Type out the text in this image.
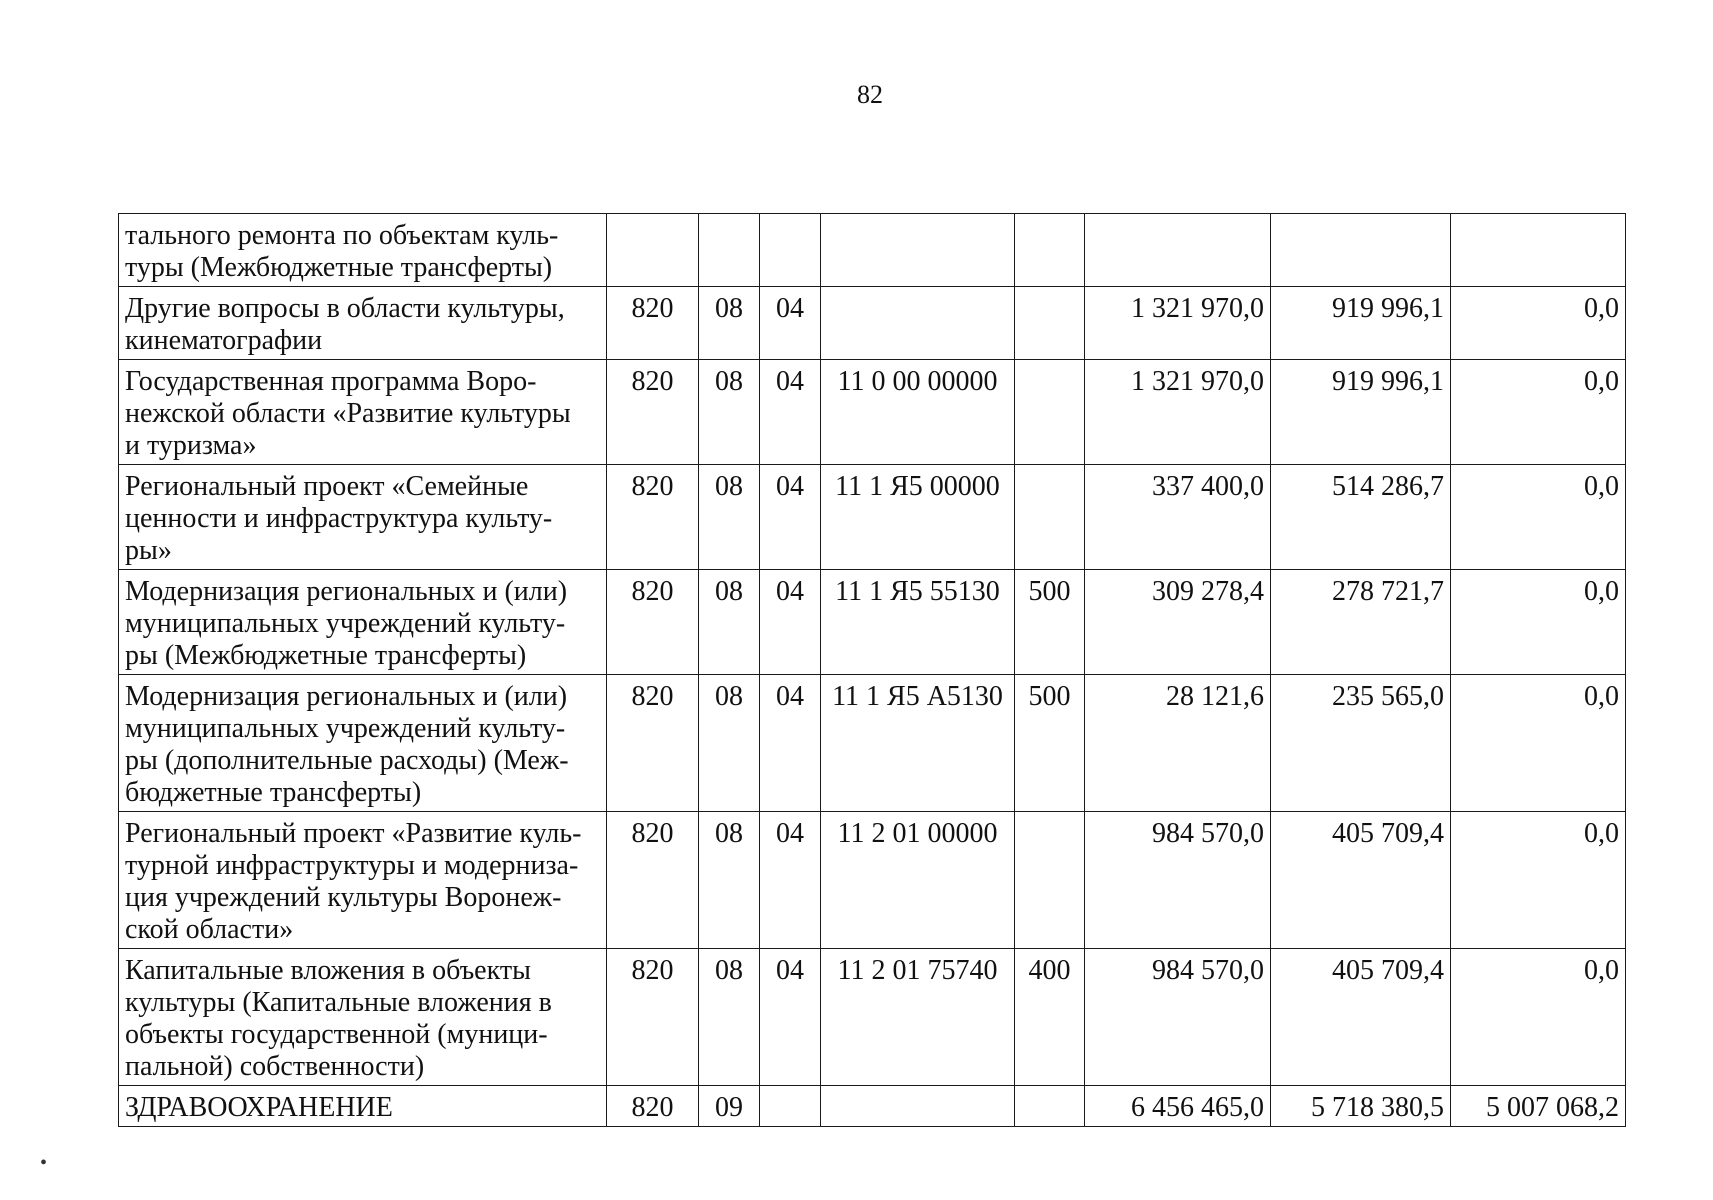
82
тального ремонта по объектам куль-
туры (Межбюджетные трансферты)								
Другие вопросы в области культуры,
кинематографии	820	08	04			1 321 970,0	919 996,1	0,0
Государственная программа Воро-
нежской области «Развитие культуры
и туризма»	820	08	04	11 0 00 00000		1 321 970,0	919 996,1	0,0
Региональный проект «Семейные
ценности и инфраструктура культу-
ры»	820	08	04	11 1 Я5 00000		337 400,0	514 286,7	0,0
Модернизация региональных и (или)
муниципальных учреждений культу-
ры (Межбюджетные трансферты)	820	08	04	11 1 Я5 55130	500	309 278,4	278 721,7	0,0
Модернизация региональных и (или)
муниципальных учреждений культу-
ры (дополнительные расходы) (Меж-
бюджетные трансферты)	820	08	04	11 1 Я5 А5130	500	28 121,6	235 565,0	0,0
Региональный проект «Развитие куль-
турной инфраструктуры и модерниза-
ция учреждений культуры Воронеж-
ской области»	820	08	04	11 2 01 00000		984 570,0	405 709,4	0,0
Капитальные вложения в объекты
культуры (Капитальные вложения в
объекты государственной (муници-
пальной) собственности)	820	08	04	11 2 01 75740	400	984 570,0	405 709,4	0,0
ЗДРАВООХРАНЕНИЕ	820	09				6 456 465,0	5 718 380,5	5 007 068,2
•
